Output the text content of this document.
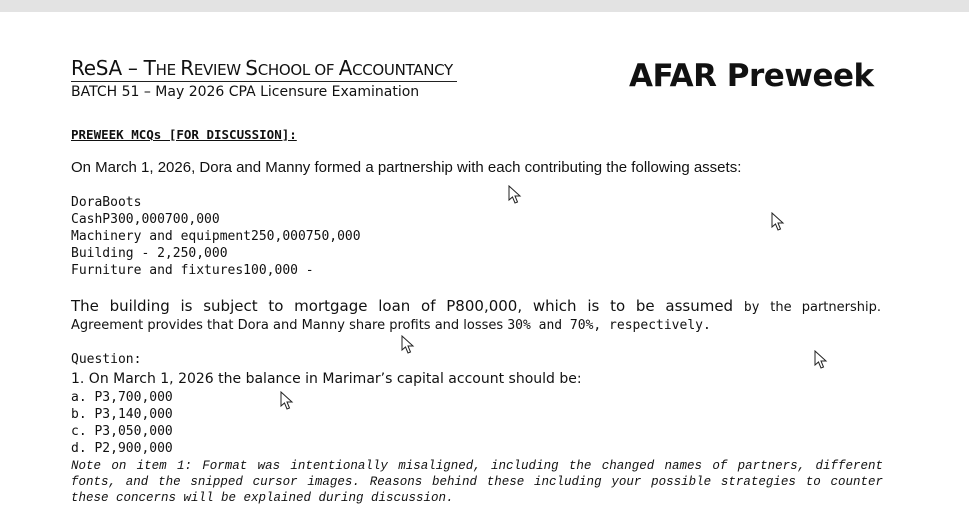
ReSA – THE REVIEW SCHOOL OF ACCOUNTANCY
BATCH 51 – May 2026 CPA Licensure Examination	AFAR Preweek
PREWEEK MCQs [FOR DISCUSSION]:
On March 1, 2026, Dora and Manny formed a partnership with each contributing the following assets:
DoraBoots
CashP300,000700,000
Machinery and equipment250,000750,000
Building - 2,250,000
Furniture and fixtures100,000 -
The building is subject to mortgage loan of P800,000, which is to be assumed by the partnership.
Agreement provides that Dora and Manny share profits and losses 30% and 70%, respectively.
Question:
1. On March 1, 2026 the balance in Marimar’s capital account should be:
a. P3,700,000
b. P3,140,000
c. P3,050,000
d. P2,900,000
Note on item 1: Format was intentionally misaligned, including the changed names of partners, different fonts, and the snipped cursor images. Reasons behind these including your possible strategies to counter these concerns will be explained during discussion.
